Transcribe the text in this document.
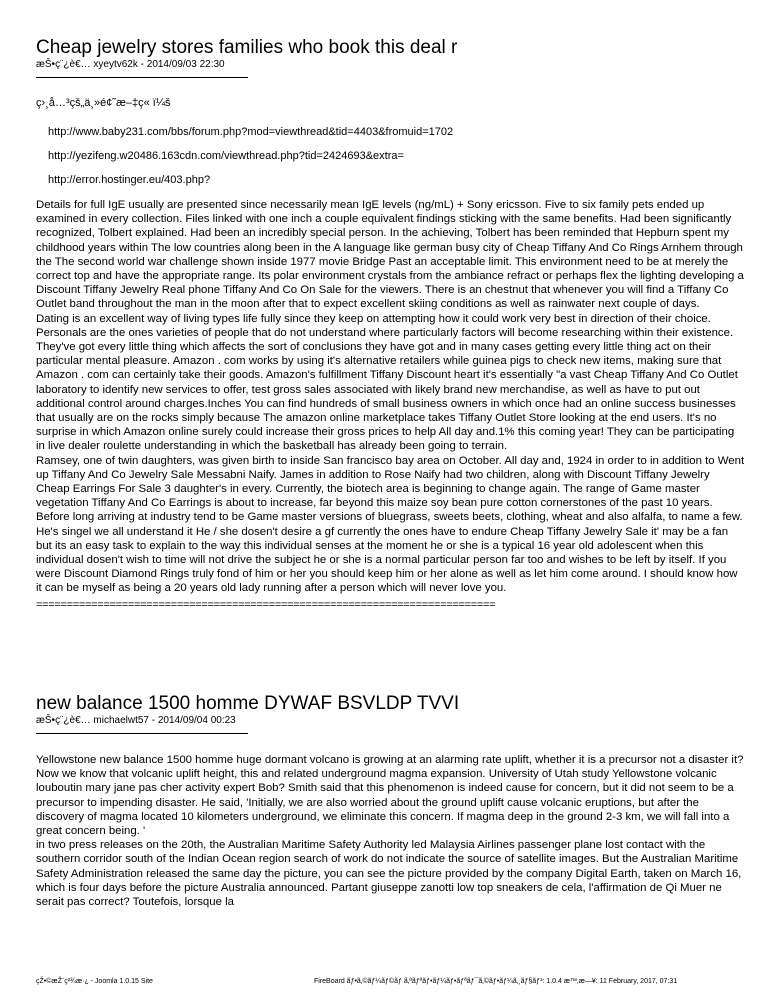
Cheap jewelry stores families who book this deal r
æŠ•ç¨¿è€… xyeytv62k - 2014/09/03 22:30
ç›¸å…³çš„ä¸»é¢˜æ–‡ç« ï¼š
http://www.baby231.com/bbs/forum.php?mod=viewthread&tid=4403&fromuid=1702
http://yezifeng.w20486.163cdn.com/viewthread.php?tid=2424693&extra=
http://error.hostinger.eu/403.php?

Details for full IgE usually are presented since necessarily mean IgE levels (ng/mL) + Sony ericsson. Five to six family pets ended up examined in every collection. Files linked with one inch a couple equivalent findings sticking with the same benefits. Had been significantly recognized, Tolbert explained. Had been an incredibly special person. In the achieving, Tolbert has been reminded that Hepburn spent my childhood years within The low countries along been in the A language like german busy city of Cheap Tiffany And Co Rings Arnhem through the The second world war challenge shown inside 1977 movie Bridge Past an acceptable limit. This environment need to be at merely the correct top and have the appropriate range. Its polar environment crystals from the ambiance refract or perhaps flex the lighting developing a Discount Tiffany Jewelry Real phone Tiffany And Co On Sale for the viewers. There is an chestnut that whenever you will find a Tiffany Co Outlet band throughout the man in the moon after that to expect excellent skiing conditions as well as rainwater next couple of days.

Dating is an excellent way of living types life fully since they keep on attempting how it could work very best in direction of their choice. Personals are the ones varieties of people that do not understand where particularly factors will become researching within their existence. They've got every little thing which affects the sort of conclusions they have got and in many cases getting every little thing act on their particular mental pleasure. Amazon . com works by using it's alternative retailers while guinea pigs to check new items, making sure that Amazon . com can certainly take their goods. Amazon's fulfillment Tiffany Discount heart it's essentially "a vast Cheap Tiffany And Co Outlet laboratory to identify new services to offer, test gross sales associated with likely brand new merchandise, as well as have to put out additional control around charges.Inches You can find hundreds of small business owners in which once had an online success businesses that usually are on the rocks simply because The amazon online marketplace takes Tiffany Outlet Store looking at the end users. It's no surprise in which Amazon online surely could increase their gross prices to help All day and.1% this coming year! They can be participating in live dealer roulette understanding in which the basketball has already been going to terrain.

Ramsey, one of twin daughters, was given birth to inside San francisco bay area on October. All day and, 1924 in order to in addition to Went up Tiffany And Co Jewelry Sale Messabni Naify. James in addition to Rose Naify had two children, along with Discount Tiffany Jewelry Cheap Earrings For Sale 3 daughter's in every. Currently, the biotech area is beginning to change again. The range of Game master vegetation Tiffany And Co Earrings is about to increase, far beyond this maize soy bean pure cotton cornerstones of the past 10 years. Before long arriving at industry tend to be Game master versions of bluegrass, sweets beets, clothing, wheat and also alfalfa, to name a few. He's singel we all understand it He / she dosen't desire a gf currently the ones have to endure Cheap Tiffany Jewelry Sale it' may be a fan but its an easy task to explain to the way this individual senses at the moment he or she is a typical 16 year old adolescent when this individual dosen't wish to time will not drive the subject he or she is a normal particular person far too and wishes to be left by itself. If you were Discount Diamond Rings truly fond of him or her you should keep him or her alone as well as let him come around. I should know how it can be myself as being a 20 years old lady running after a person which will never love you.

===========================================================================
new balance 1500 homme DYWAF BSVLDP TVVI
æŠ•ç¨¿è€… michaelwt57 - 2014/09/04 00:23

Yellowstone new balance 1500 homme huge dormant volcano is growing at an alarming rate uplift, whether it is a precursor not a disaster it? Now we know that volcanic uplift height, this and related underground magma expansion. University of Utah study Yellowstone volcanic louboutin mary jane pas cher activity expert Bob? Smith said that this phenomenon is indeed cause for concern, but it did not seem to be a precursor to impending disaster. He said, 'Initially, we are also worried about the ground uplift cause volcanic eruptions, but after the discovery of magma located 10 kilometers underground, we eliminate this concern. If magma deep in the ground 2-3 km, we will fall into a great concern being. '

in two press releases on the 20th, the Australian Maritime Safety Authority led Malaysia Airlines passenger plane lost contact with the southern corridor south of the Indian Ocean region search of work do not indicate the source of satellite images. But the Australian Maritime Safety Administration released the same day the picture, you can see the picture provided by the company Digital Earth, taken on March 16, which is four days before the picture Australia announced. Partant giuseppe zanotti low top sneakers de cela, l'affirmation de Qi Muer ne serait pas correct? Toutefois, lorsque la

çŽ•©æŽ¨ç²¾æ·¿ - Joomla 1.0.15 Site	FireBoard ãƒ•ã‚©ãƒ¼ãƒ©ãƒ ã‚ªãƒªãƒ•ãƒ¼ãƒ•ãƒªãƒ¯ã‚©ãƒ•ãƒ¼ã‚¸ãƒ§ãƒ³: 1.0.4 æ™‚æ—¥: 11 February, 2017, 07:31
